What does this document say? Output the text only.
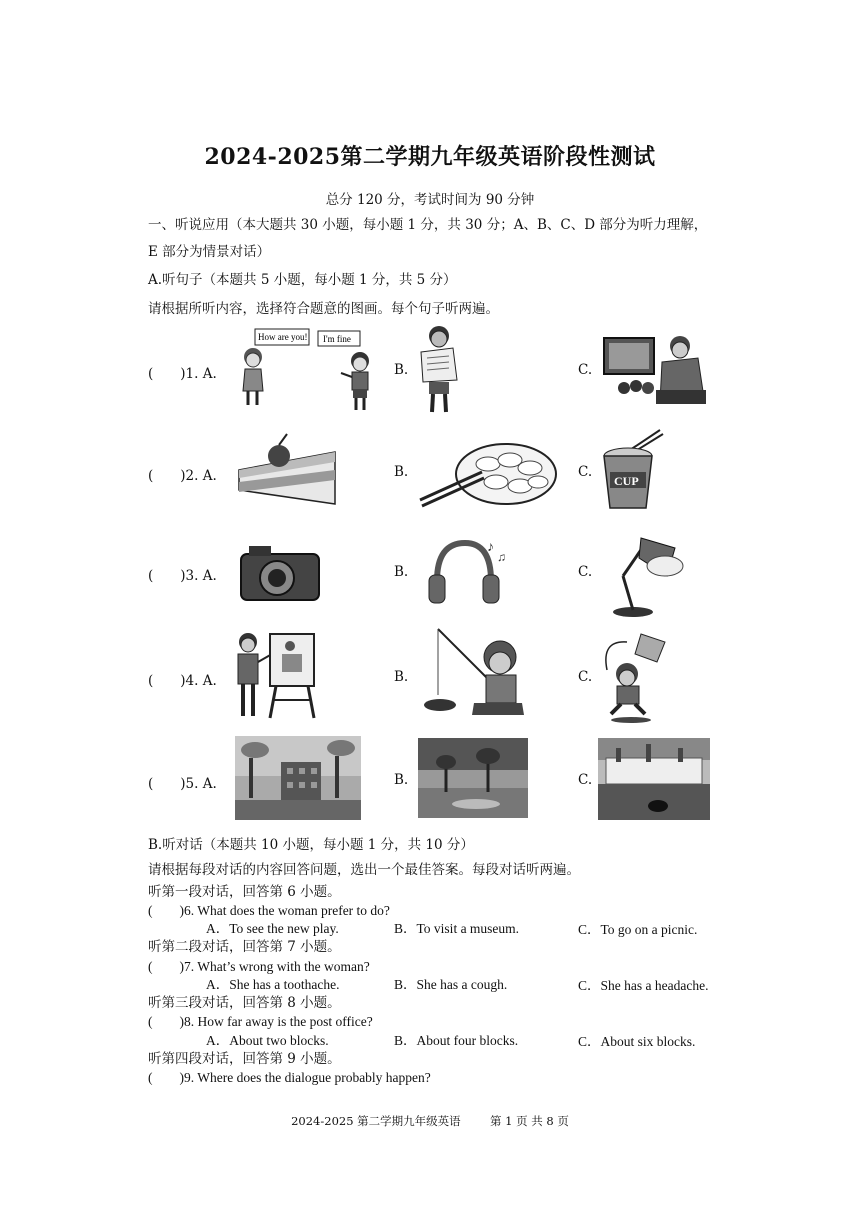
2024-2025第二学期九年级英语阶段性测试
总分 120 分，考试时间为 90 分钟
一、听说应用（本大题共 30 小题，每小题 1 分，共 30 分；A、B、C、D 部分为听力理解，
E 部分为情景对话）
A.听句子（本题共 5 小题，每小题 1 分，共 5 分）
请根据所听内容，选择符合题意的图画。每个句子听两遍。
(　　)1. A.	B.	C.
How are you! I'm fine
(　　)2. A.	B.	C.
CUP
(　　)3. A.	B.	C.
♪
♫
(　　)4. A.	B.	C.
(　　)5. A.	B.	C.
B.听对话（本题共 10 小题，每小题 1 分，共 10 分）
请根据每段对话的内容回答问题，选出一个最佳答案。每段对话听两遍。
听第一段对话，回答第 6 小题。
(　　)6. What does the woman prefer to do?
A．To see the new play.	B．To visit a museum.	C．To go on a picnic.
听第二段对话，回答第 7 小题。
(　　)7. What’s wrong with the woman?
A．She has a toothache.	B．She has a cough.	C．She has a headache.
听第三段对话，回答第 8 小题。
(　　)8. How far away is the post office?
A．About two blocks.	B．About four blocks.	C．About six blocks.
听第四段对话，回答第 9 小题。
(　　)9. Where does the dialogue probably happen?
2024-2025 第二学期九年级英语	第 1 页 共 8 页
